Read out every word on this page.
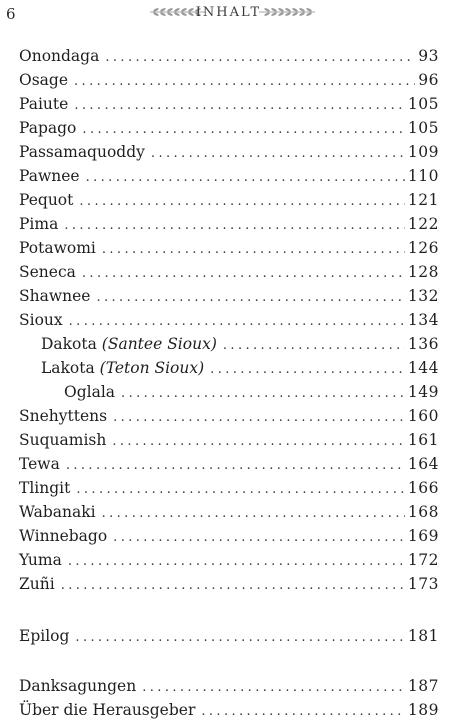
6	INHALT
Onondaga .....	93
Osage .....	96
Paiute .....	105
Papago .....	105
Passamaquoddy .....	109
Pawnee .....	110
Pequot .....	121
Pima .....	122
Potawomi .....	126
Seneca .....	128
Shawnee .....	132
Sioux .....	134
Dakota (Santee Sioux) .....	136
Lakota (Teton Sioux) .....	144
Oglala .....	149
Snehyttens .....	160
Suquamish .....	161
Tewa .....	164
Tlingit .....	166
Wabanaki .....	168
Winnebago .....	169
Yuma .....	172
Zuñi .....	173
Epilog .....	181
Danksagungen .....	187
Über die Herausgeber .....	189
